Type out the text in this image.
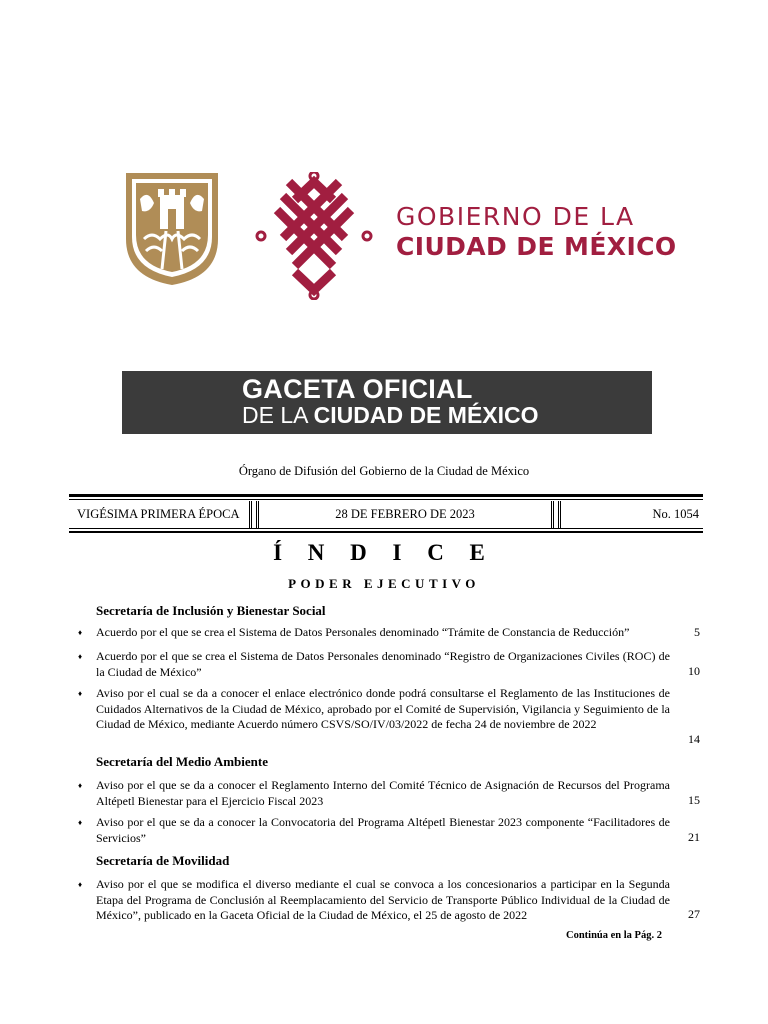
GOBIERNO DE LA
CIUDAD DE MÉXICO
GACETA OFICIAL
DE LA CIUDAD DE MÉXICO
Órgano de Difusión del Gobierno de la Ciudad de México
VIGÉSIMA PRIMERA ÉPOCA	28 DE FEBRERO DE 2023	No. 1054
Í N D I C E
PODER EJECUTIVO
Secretaría de Inclusión y Bienestar Social
♦ Acuerdo por el que se crea el Sistema de Datos Personales denominado “Trámite de Constancia de Reducción”	5
♦ Acuerdo por el que se crea el Sistema de Datos Personales denominado “Registro de Organizaciones Civiles (ROC) de la Ciudad de México”	10
♦ Aviso por el cual se da a conocer el enlace electrónico donde podrá consultarse el Reglamento de las Instituciones de Cuidados Alternativos de la Ciudad de México, aprobado por el Comité de Supervisión, Vigilancia y Seguimiento de la Ciudad de México, mediante Acuerdo número CSVS/SO/IV/03/2022 de fecha 24 de noviembre de 2022
14
Secretaría del Medio Ambiente
♦ Aviso por el que se da a conocer el Reglamento Interno del Comité Técnico de Asignación de Recursos del Programa Altépetl Bienestar para el Ejercicio Fiscal 2023	15
♦ Aviso por el que se da a conocer la Convocatoria del Programa Altépetl Bienestar 2023 componente “Facilitadores de Servicios”	21
Secretaría de Movilidad
♦ Aviso por el que se modifica el diverso mediante el cual se convoca a los concesionarios a participar en la Segunda Etapa del Programa de Conclusión al Reemplacamiento del Servicio de Transporte Público Individual de la Ciudad de México”, publicado en la Gaceta Oficial de la Ciudad de México, el 25 de agosto de 2022	27
Continúa en la Pág. 2
